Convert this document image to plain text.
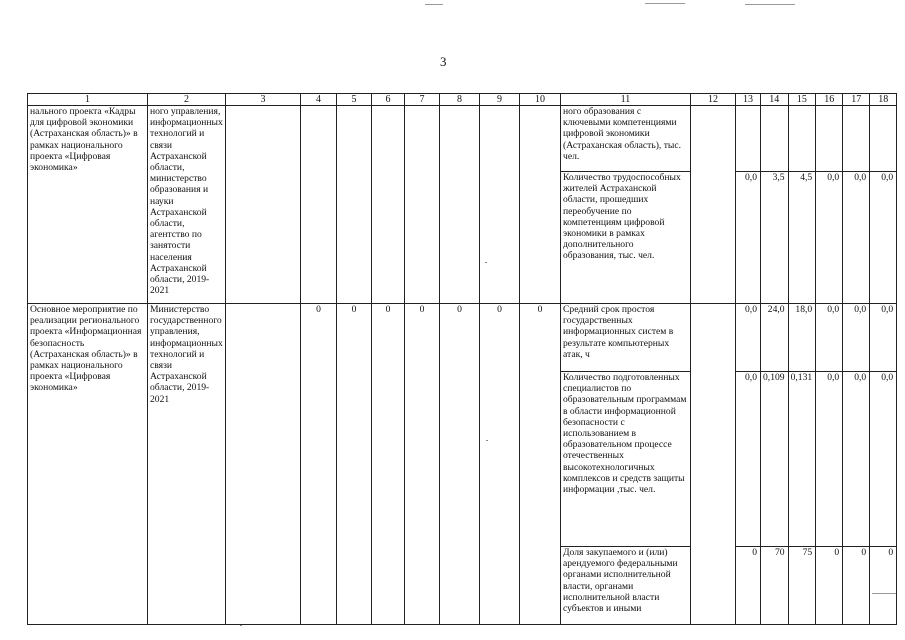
3
1	2	3	4	5	6	7	8	9	10	11	12	13	14	15	16	17	18
нального проекта «Кадры для цифровой экономики (Астраханская область)» в рамках национального проекта «Цифровая экономика»	ного управления, информационных технологий и связи Астраханской области, министерство образования и науки Астраханской области, агентство по занятости населения Астраханской области, 2019-2021									ного образования с ключевыми компетенциями цифровой экономики (Астраханская область), тыс. чел.							
										Количество трудоспособных жителей Астраханской области, прошедших переобучение по компетенциям цифровой экономики в рамках дополнительного образования, тыс. чел.		0,0	3,5	4,5	0,0	0,0	0,0
Основное мероприятие по реализации регионального проекта «Информационная безопасность (Астраханская область)» в рамках национального проекта «Цифровая экономика»	Министерство государственного управления, информационных технологий и связи Астраханской области, 2019-2021		0	0	0	0	0	0	0	Средний срок простоя государственных информационных систем в результате компьютерных атак, ч		0,0	24,0	18,0	0,0	0,0	0,0
										Количество подготовленных специалистов по образовательным программам в области информационной безопасности с использованием в образовательном процессе отечественных высокотехнологичных комплексов и средств защиты информации ,тыс. чел.		0,0	0,109	0,131	0,0	0,0	0,0
										Доля закупаемого и (или) арендуемого федеральными органами исполнительной власти, органами исполнительной власти субъектов и иными		0	70	75	0	0	0
